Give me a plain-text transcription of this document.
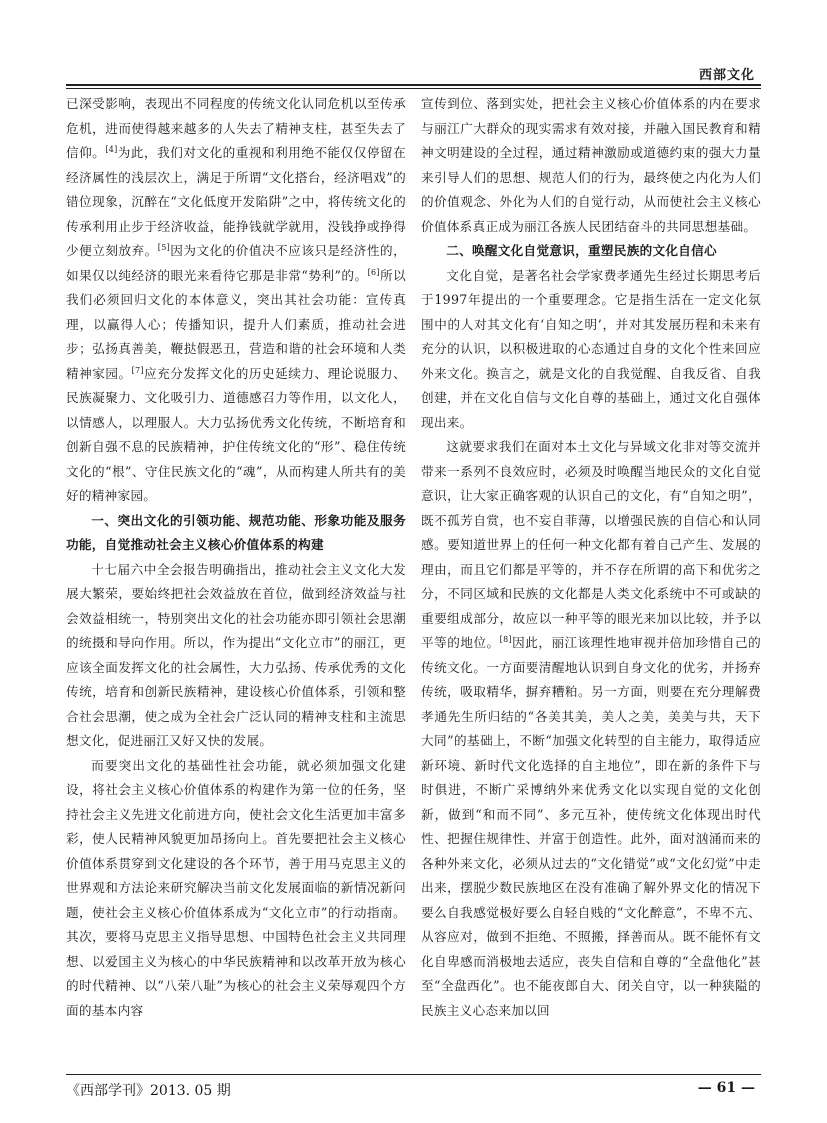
西部文化

已深受影响，表现出不同程度的传统文化认同危机以至传承危机，进而使得越来越多的人失去了精神支柱，甚至失去了信仰。[4]为此，我们对文化的重视和利用绝不能仅仅停留在经济属性的浅层次上，满足于所谓“文化搭台，经济唱戏”的错位现象，沉醉在“文化低度开发陷阱”之中，将传统文化的传承利用止步于经济收益，能挣钱就学就用，没钱挣或挣得少便立刻放弃。[5]因为文化的价值决不应该只是经济性的，如果仅以纯经济的眼光来看待它那是非常“势利”的。[6]所以我们必须回归文化的本体意义，突出其社会功能：宣传真理，以赢得人心；传播知识，提升人们素质，推动社会进步；弘扬真善美，鞭挞假恶丑，营造和谐的社会环境和人类精神家园。[7]应充分发挥文化的历史延续力、理论说服力、民族凝聚力、文化吸引力、道德感召力等作用，以文化人，以情感人，以理服人。大力弘扬优秀文化传统，不断培育和创新自强不息的民族精神，护住传统文化的“形”、稳住传统文化的“根”、守住民族文化的“魂”，从而构建人所共有的美好的精神家园。

一、突出文化的引领功能、规范功能、形象功能及服务功能，自觉推动社会主义核心价值体系的构建

十七届六中全会报告明确指出，推动社会主义文化大发展大繁荣，要始终把社会效益放在首位，做到经济效益与社会效益相统一，特别突出文化的社会功能亦即引领社会思潮的统摄和导向作用。所以，作为提出“文化立市”的丽江，更应该全面发挥文化的社会属性，大力弘扬、传承优秀的文化传统，培育和创新民族精神，建设核心价值体系，引领和整合社会思潮，使之成为全社会广泛认同的精神支柱和主流思想文化，促进丽江又好又快的发展。

而要突出文化的基础性社会功能，就必须加强文化建设，将社会主义核心价值体系的构建作为第一位的任务，坚持社会主义先进文化前进方向，使社会文化生活更加丰富多彩，使人民精神风貌更加昂扬向上。首先要把社会主义核心价值体系贯穿到文化建设的各个环节，善于用马克思主义的世界观和方法论来研究解决当前文化发展面临的新情况新问题，使社会主义核心价值体系成为“文化立市”的行动指南。其次，要将马克思主义指导思想、中国特色社会主义共同理想、以爱国主义为核心的中华民族精神和以改革开放为核心的时代精神、以“八荣八耻”为核心的社会主义荣辱观四个方面的基本内容

宣传到位、落到实处，把社会主义核心价值体系的内在要求与丽江广大群众的现实需求有效对接，并融入国民教育和精神文明建设的全过程，通过精神激励或道德约束的强大力量来引导人们的思想、规范人们的行为，最终使之内化为人们的价值观念、外化为人们的自觉行动，从而使社会主义核心价值体系真正成为丽江各族人民团结奋斗的共同思想基础。

二、唤醒文化自觉意识，重塑民族的文化自信心

文化自觉，是著名社会学家费孝通先生经过长期思考后于1997年提出的一个重要理念。它是指生活在一定文化氛围中的人对其文化有‘自知之明’，并对其发展历程和未来有充分的认识，以积极进取的心态通过自身的文化个性来回应外来文化。换言之，就是文化的自我觉醒、自我反省、自我创建，并在文化自信与文化自尊的基础上，通过文化自强体现出来。

这就要求我们在面对本土文化与异域文化非对等交流并带来一系列不良效应时，必须及时唤醒当地民众的文化自觉意识，让大家正确客观的认识自己的文化，有“自知之明”，既不孤芳自赏，也不妄自菲薄，以增强民族的自信心和认同感。要知道世界上的任何一种文化都有着自己产生、发展的理由，而且它们都是平等的，并不存在所谓的高下和优劣之分，不同区域和民族的文化都是人类文化系统中不可或缺的重要组成部分，故应以一种平等的眼光来加以比较，并予以平等的地位。[8]因此，丽江该理性地审视并倍加珍惜自己的传统文化。一方面要清醒地认识到自身文化的优劣，并扬弃传统，吸取精华，摒弃糟粕。另一方面，则要在充分理解费孝通先生所归结的“各美其美，美人之美，美美与共，天下大同”的基础上，不断“加强文化转型的自主能力，取得适应新环境、新时代文化选择的自主地位”，即在新的条件下与时俱进，不断广采博纳外来优秀文化以实现自觉的文化创新，做到“和而不同”、多元互补，使传统文化体现出时代性、把握住规律性、并富于创造性。此外，面对汹涌而来的各种外来文化，必须从过去的“文化错觉”或“文化幻觉”中走出来，摆脱少数民族地区在没有准确了解外界文化的情况下要么自我感觉极好要么自轻自贱的“文化醉意”，不卑不亢、从容应对，做到不拒绝、不照搬，择善而从。既不能怀有文化自卑感而消极地去适应，丧失自信和自尊的“全盘他化”甚至“全盘西化”。也不能夜郎自大、闭关自守，以一种狭隘的民族主义心态来加以回

《西部学刊》2013. 05 期	— 61 —
